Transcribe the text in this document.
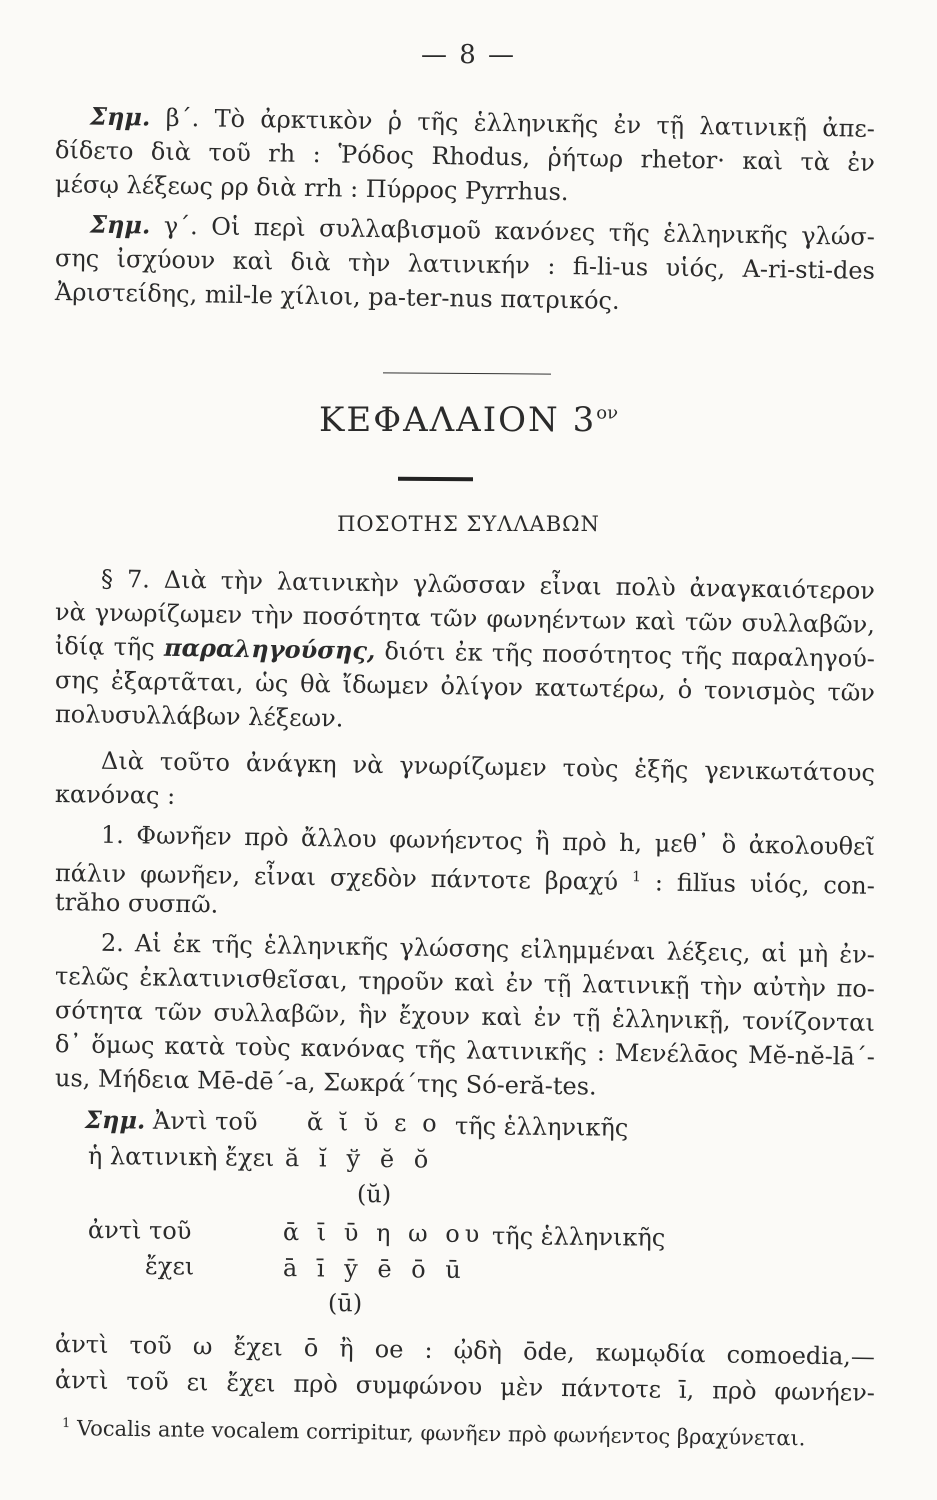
— 8 —
Σημ. β΄. Τὸ ἀρκτικὸν ῥ τῆς ἑλληνικῆς ἐν τῇ λατινικῇ ἀπε-
δίδετο διὰ τοῦ rh : Ῥόδος Rhodus, ῥήτωρ rhetor· καὶ τὰ ἐν
μέσῳ λέξεως ρρ διὰ rrh : Πύρρος Pyrrhus.
Σημ. γ΄. Οἱ περὶ συλλαβισμοῦ κανόνες τῆς ἑλληνικῆς γλώσ-
σης ἰσχύουν καὶ διὰ τὴν λατινικήν : fi-li-us υἱός, A-ri-sti-des
Ἀριστείδης, mil-le χίλιοι, pa-ter-nus πατρικός.
ΚΕΦΑΛΑΙΟΝ $3^{o\nu}$
ΠΟΣΟΤΗΣ ΣΥΛΛΑΒΩΝ
§ 7. Διὰ τὴν λατινικὴν γλῶσσαν εἶναι πολὺ ἀναγκαιότερον
νὰ γνωρίζωμεν τὴν ποσότητα τῶν φωνηέντων καὶ τῶν συλλαβῶν,
ἰδίᾳ τῆς παραληγούσης, διότι ἐκ τῆς ποσότητος τῆς παραληγού-
σης ἐξαρτᾶται, ὡς θὰ ἴδωμεν ὀλίγον κατωτέρω, ὁ τονισμὸς τῶν
πολυσυλλάβων λέξεων.
Διὰ τοῦτο ἀνάγκη νὰ γνωρίζωμεν τοὺς ἑξῆς γενικωτάτους
κανόνας :
1. Φωνῆεν πρὸ ἄλλου φωνήεντος ἢ πρὸ h, μεθ᾽ ὃ ἀκολουθεῖ
πάλιν φωνῆεν, εἶναι σχεδὸν πάντοτε βραχύ $^1$ : filĭus υἱός, con-
trăho συσπῶ.
2. Αἱ ἐκ τῆς ἑλληνικῆς γλώσσης εἰλημμέναι λέξεις, αἱ μὴ ἐν-
τελῶς ἐκλατινισθεῖσαι, τηροῦν καὶ ἐν τῇ λατινικῇ τὴν αὐτὴν πο-
σότητα τῶν συλλαβῶν, ἣν ἔχουν καὶ ἐν τῇ ἑλληνικῇ, τονίζονται
δ᾽ ὅμως κατὰ τοὺς κανόνας τῆς λατινικῆς : Μενέλᾱος Mĕ-nĕ-lā΄-
us, Μήδεια Mē-dē΄-a, Σωκρά΄της Só-eră-tes.
Σημ. Ἀντὶ τοῦ ᾰ ῐ ῠ ε ο τῆς ἑλληνικῆς
ἡ λατινικὴ ἔχει ă ĭ ў ĕ ŏ
(ŭ)
ἀντὶ τοῦ	ᾱ ῑ ῡ η ω ου τῆς ἑλληνικῆς
ἔχει	ā ī ȳ ē ō ū
(ū)
ἀντὶ τοῦ ω ἔχει ō ἢ oe : ᾠδὴ ōde, κωμῳδία comoedia,—
ἀντὶ τοῦ ει ἔχει πρὸ συμφώνου μὲν πάντοτε ī, πρὸ φωνήεν-
$^1$ Vocalis ante vocalem corripitur, φωνῆεν πρὸ φωνήεντος βραχύνεται.
